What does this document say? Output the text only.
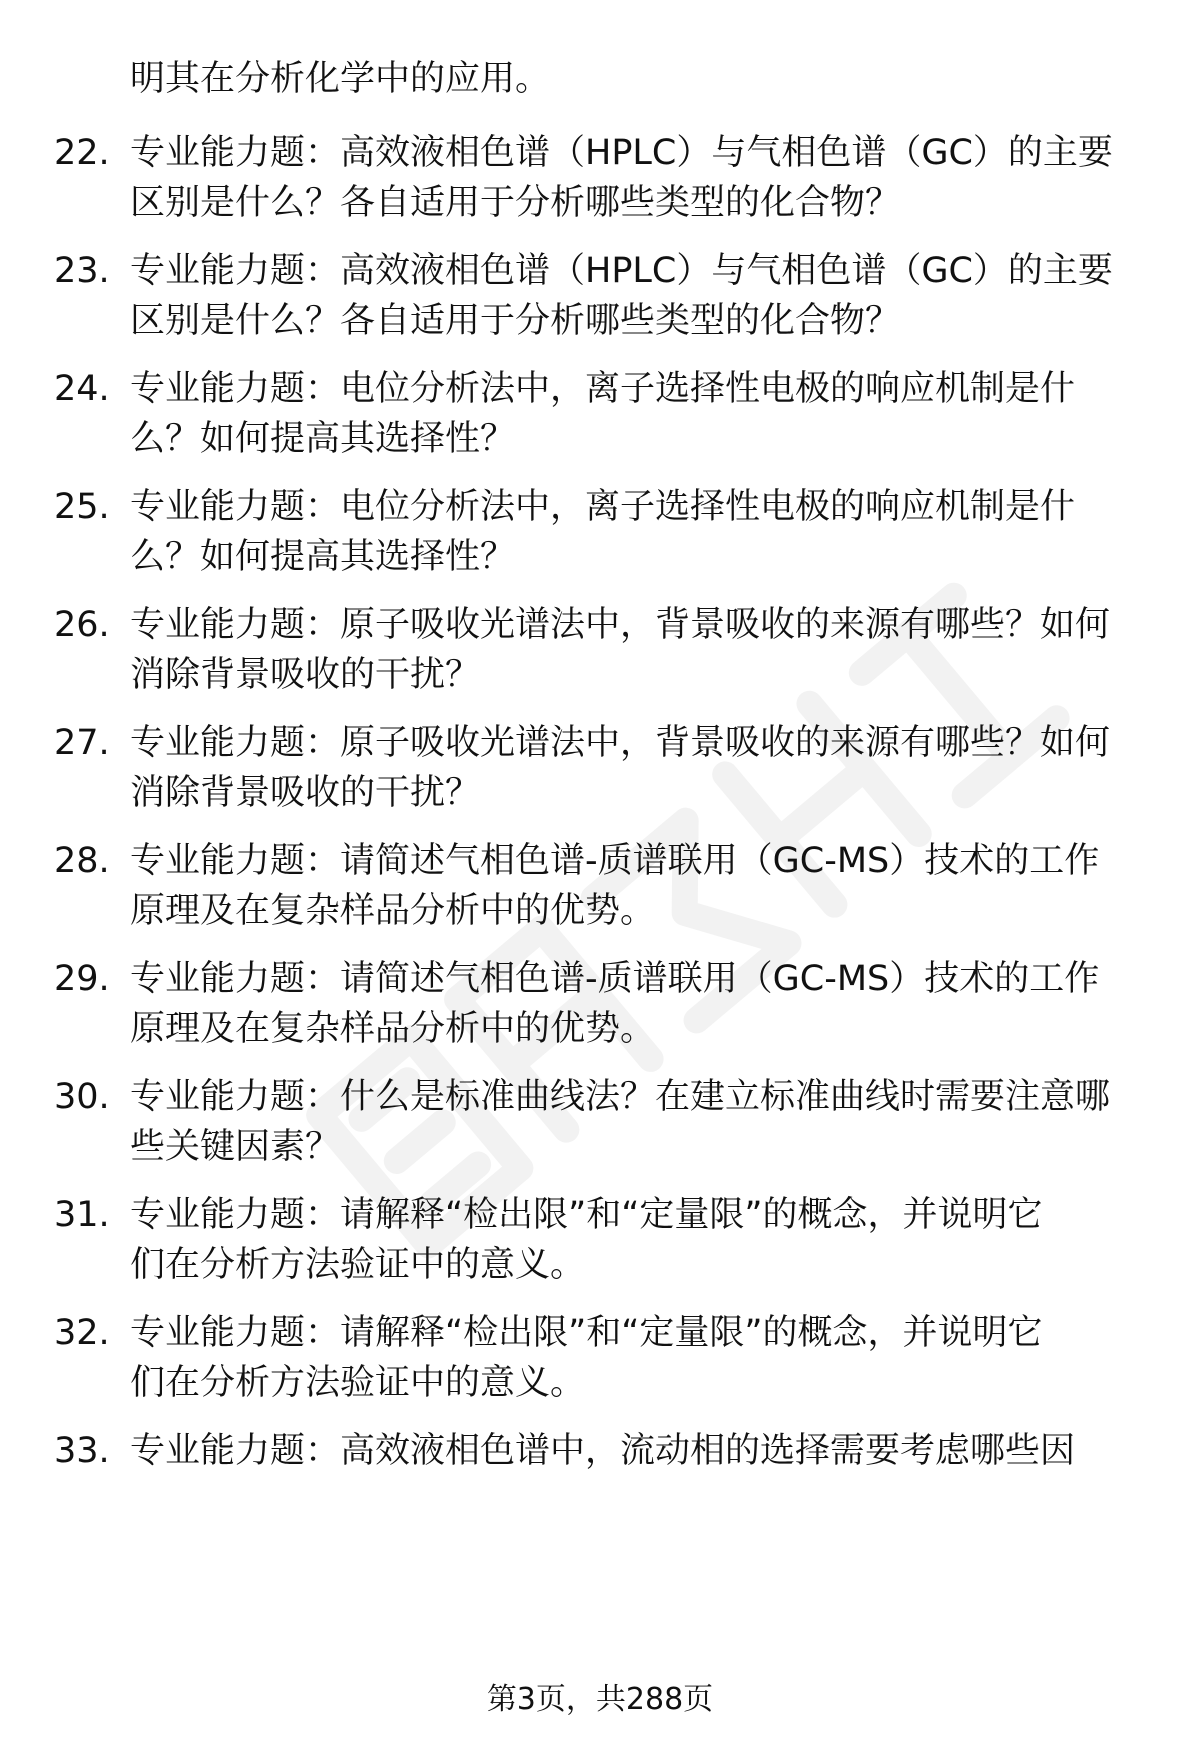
明其在分析化学中的应用。
22. 专业能力题：高效液相色谱（HPLC）与气相色谱（GC）的主要
区别是什么？各自适用于分析哪些类型的化合物？
23. 专业能力题：高效液相色谱（HPLC）与气相色谱（GC）的主要
区别是什么？各自适用于分析哪些类型的化合物？
24. 专业能力题：电位分析法中，离子选择性电极的响应机制是什
么？如何提高其选择性？
25. 专业能力题：电位分析法中，离子选择性电极的响应机制是什
么？如何提高其选择性？
26. 专业能力题：原子吸收光谱法中，背景吸收的来源有哪些？如何
消除背景吸收的干扰？
27. 专业能力题：原子吸收光谱法中，背景吸收的来源有哪些？如何
消除背景吸收的干扰？
28. 专业能力题：请简述气相色谱-质谱联用（GC-MS）技术的工作
原理及在复杂样品分析中的优势。
29. 专业能力题：请简述气相色谱-质谱联用（GC-MS）技术的工作
原理及在复杂样品分析中的优势。
30. 专业能力题：什么是标准曲线法？在建立标准曲线时需要注意哪
些关键因素？
31. 专业能力题：请解释“检出限”和“定量限”的概念，并说明它
们在分析方法验证中的意义。
32. 专业能力题：请解释“检出限”和“定量限”的概念，并说明它
们在分析方法验证中的意义。
33. 专业能力题：高效液相色谱中，流动相的选择需要考虑哪些因
第3页，共288页
